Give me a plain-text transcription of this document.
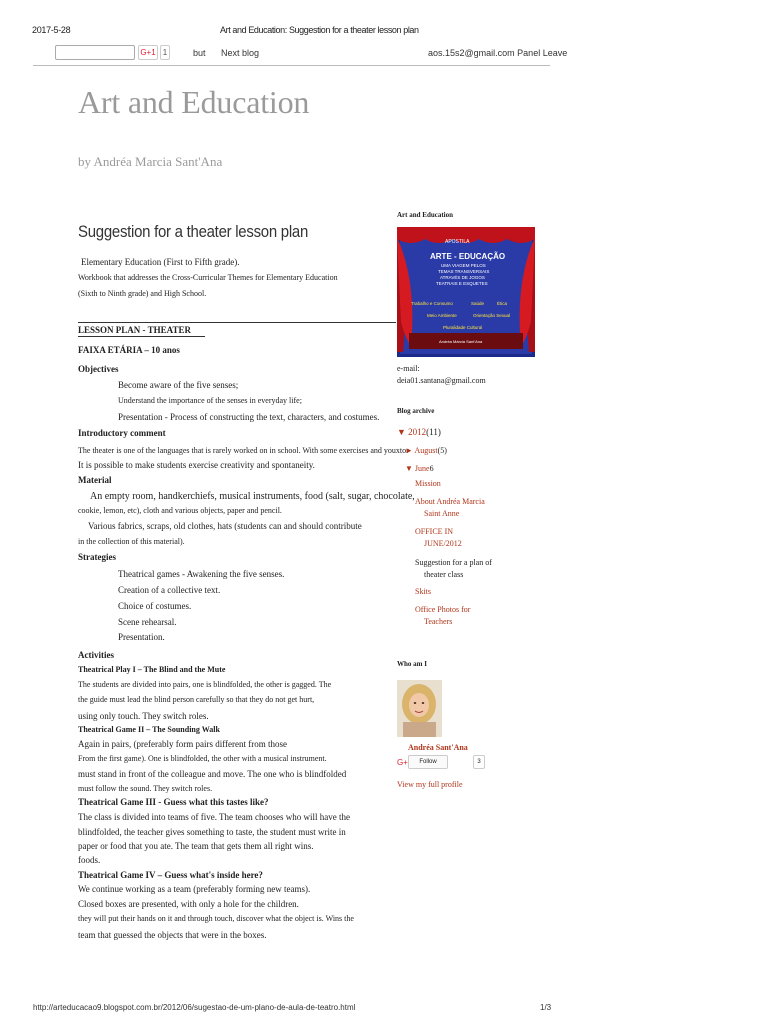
2017-5-28	Art and Education: Suggestion for a theater lesson plan
G+1 1	but Next blog	aos.15s2@gmail.com Panel Leave
Art and Education
by Andréa Marcia Sant'Ana
Suggestion for a theater lesson plan
Elementary Education (First to Fifth grade).
Workbook that addresses the Cross-Curricular Themes for Elementary Education
(Sixth to Ninth grade) and High School.
LESSON PLAN - THEATER
FAIXA ETÁRIA – 10 anos
Objectives
Become aware of the five senses;
Understand the importance of the senses in everyday life;
Presentation - Process of constructing the text, characters, and costumes.
Introductory comment
The theater is one of the languages that is rarely worked on in school. With some exercises and youxtor
It is possible to make students exercise creativity and spontaneity.
Material
An empty room, handkerchiefs, musical instruments, food (salt, sugar, chocolate,
cookie, lemon, etc), cloth and various objects, paper and pencil.
Various fabrics, scraps, old clothes, hats (students can and should contribute
in the collection of this material).
Strategies
Theatrical games - Awakening the five senses.
Creation of a collective text.
Choice of costumes.
Scene rehearsal.
Presentation.
Activities
Theatrical Play I – The Blind and the Mute
The students are divided into pairs, one is blindfolded, the other is gagged. The
the guide must lead the blind person carefully so that they do not get hurt,
using only touch. They switch roles.
Theatrical Game II – The Sounding Walk
Again in pairs, (preferably form pairs different from those
From the first game). One is blindfolded, the other with a musical instrument.
must stand in front of the colleague and move. The one who is blindfolded
must follow the sound. They switch roles.
Theatrical Game III - Guess what this tastes like?
The class is divided into teams of five. The team chooses who will have the
blindfolded, the teacher gives something to taste, the student must write in
paper or food that you ate. The team that gets them all right wins.
foods.
Theatrical Game IV – Guess what's inside here?
We continue working as a team (preferably forming new teams).
Closed boxes are presented, with only a hole for the children.
they will put their hands on it and through touch, discover what the object is. Wins the
team that guessed the objects that were in the boxes.
Art and Education
APOSTILA
ARTE - EDUCAÇÃO
UMA VIAGEM PELOS
TEMAS TRANSVERSAIS
ATRAVÉS DE JOGOS
TEATRAIS E ESQUETES
Trabalho e Consumo	Saúde	Ética
Meio Ambiente	Orientação Sexual
Pluralidade Cultural
Andréa Márcia Sant'Ana
e-mail:
deia01.santana@gmail.com
Blog archive
▼ 2012(11)
► August(5)
▼ June6
Mission
About Andréa Marcia
Saint Anne
OFFICE IN
JUNE/2012
Suggestion for a plan of
theater class
Skits
Office Photos for
Teachers
Who am I
Andréa Sant'Ana
G+	Follow	3
View my full profile
http://arteducacao9.blogspot.com.br/2012/06/sugestao-de-um-plano-de-aula-de-teatro.html	1/3
